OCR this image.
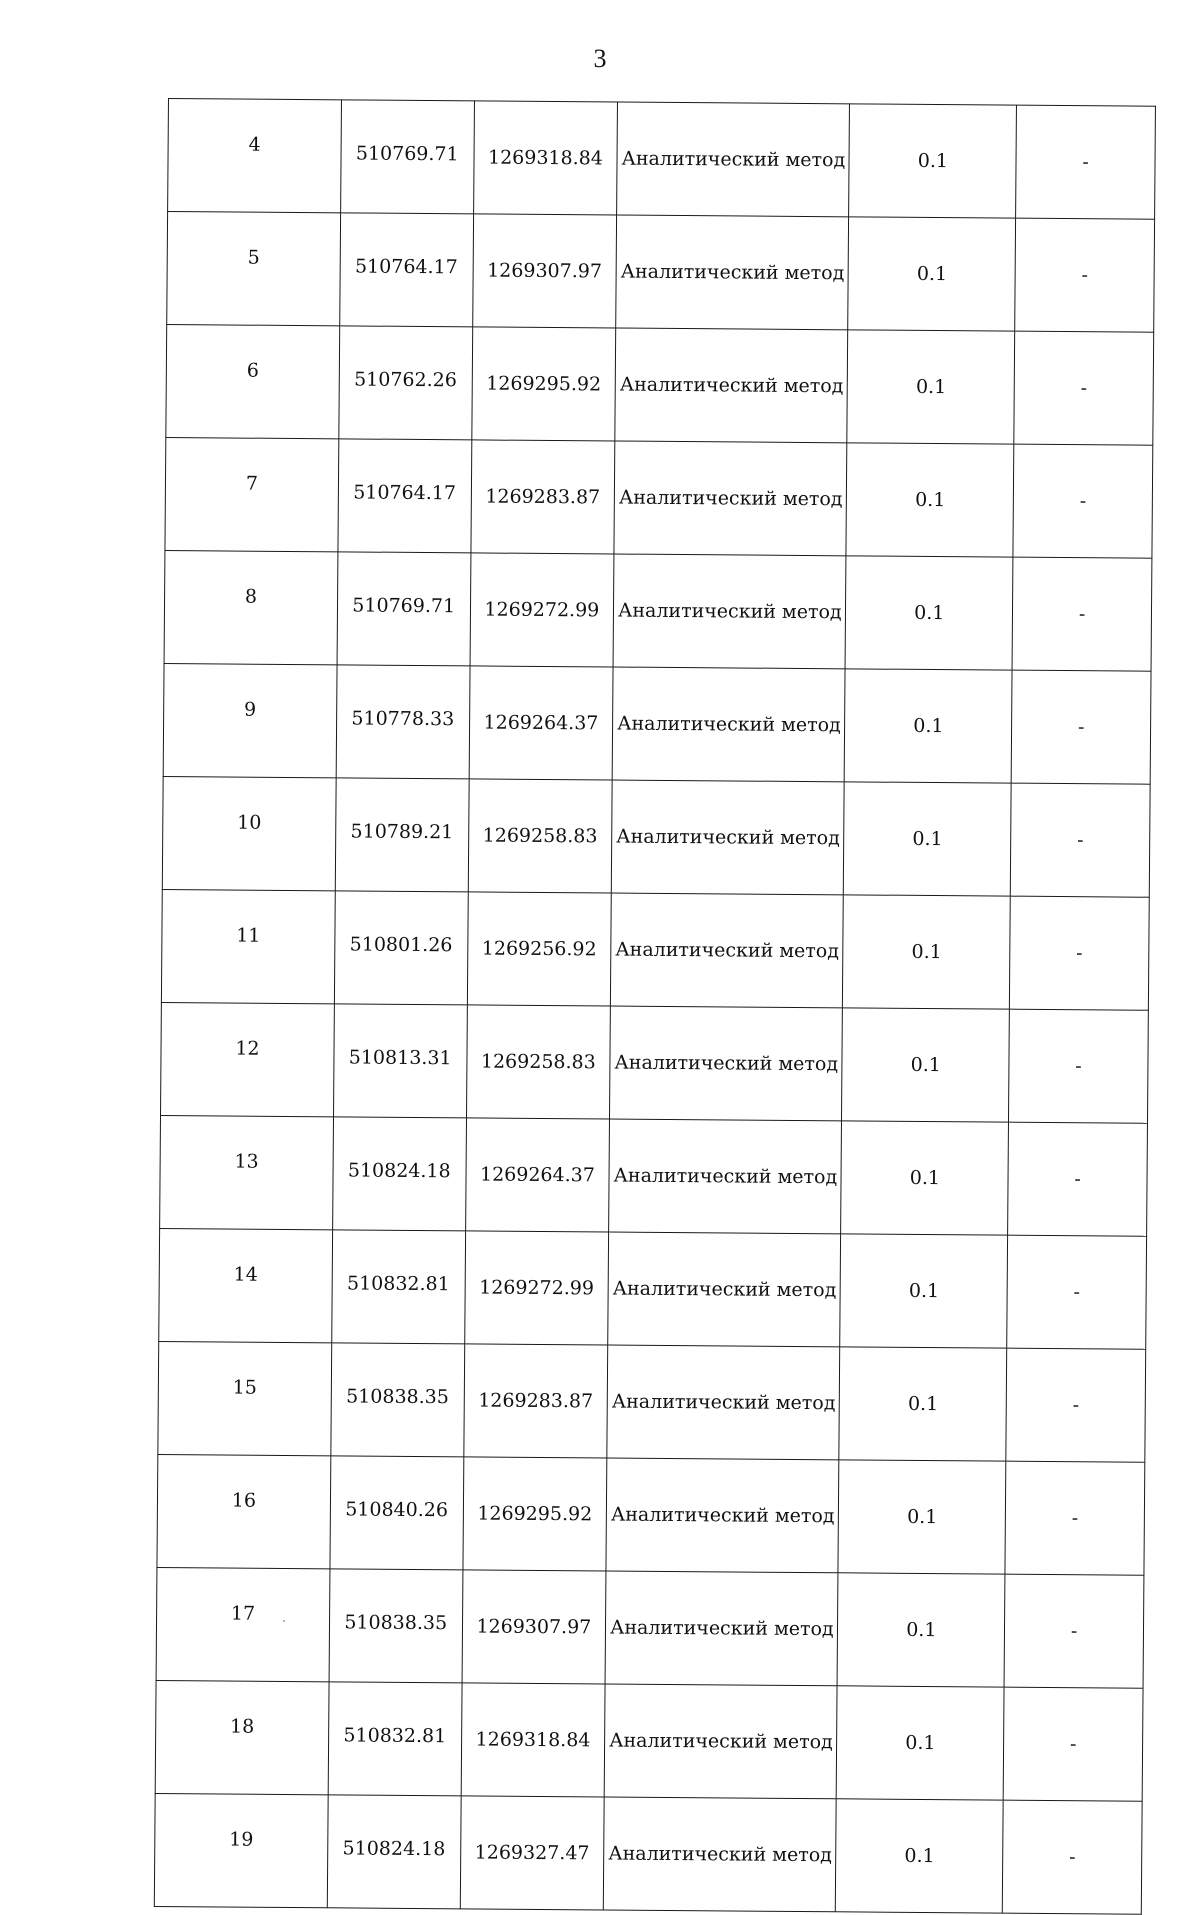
3
4	510769.71	1269318.84	Аналитический метод	0.1	-
5	510764.17	1269307.97	Аналитический метод	0.1	-
6	510762.26	1269295.92	Аналитический метод	0.1	-
7	510764.17	1269283.87	Аналитический метод	0.1	-
8	510769.71	1269272.99	Аналитический метод	0.1	-
9	510778.33	1269264.37	Аналитический метод	0.1	-
10	510789.21	1269258.83	Аналитический метод	0.1	-
11	510801.26	1269256.92	Аналитический метод	0.1	-
12	510813.31	1269258.83	Аналитический метод	0.1	-
13	510824.18	1269264.37	Аналитический метод	0.1	-
14	510832.81	1269272.99	Аналитический метод	0.1	-
15	510838.35	1269283.87	Аналитический метод	0.1	-
16	510840.26	1269295.92	Аналитический метод	0.1	-
17	510838.35	1269307.97	Аналитический метод	0.1	-
18	510832.81	1269318.84	Аналитический метод	0.1	-
19	510824.18	1269327.47	Аналитический метод	0.1	-
